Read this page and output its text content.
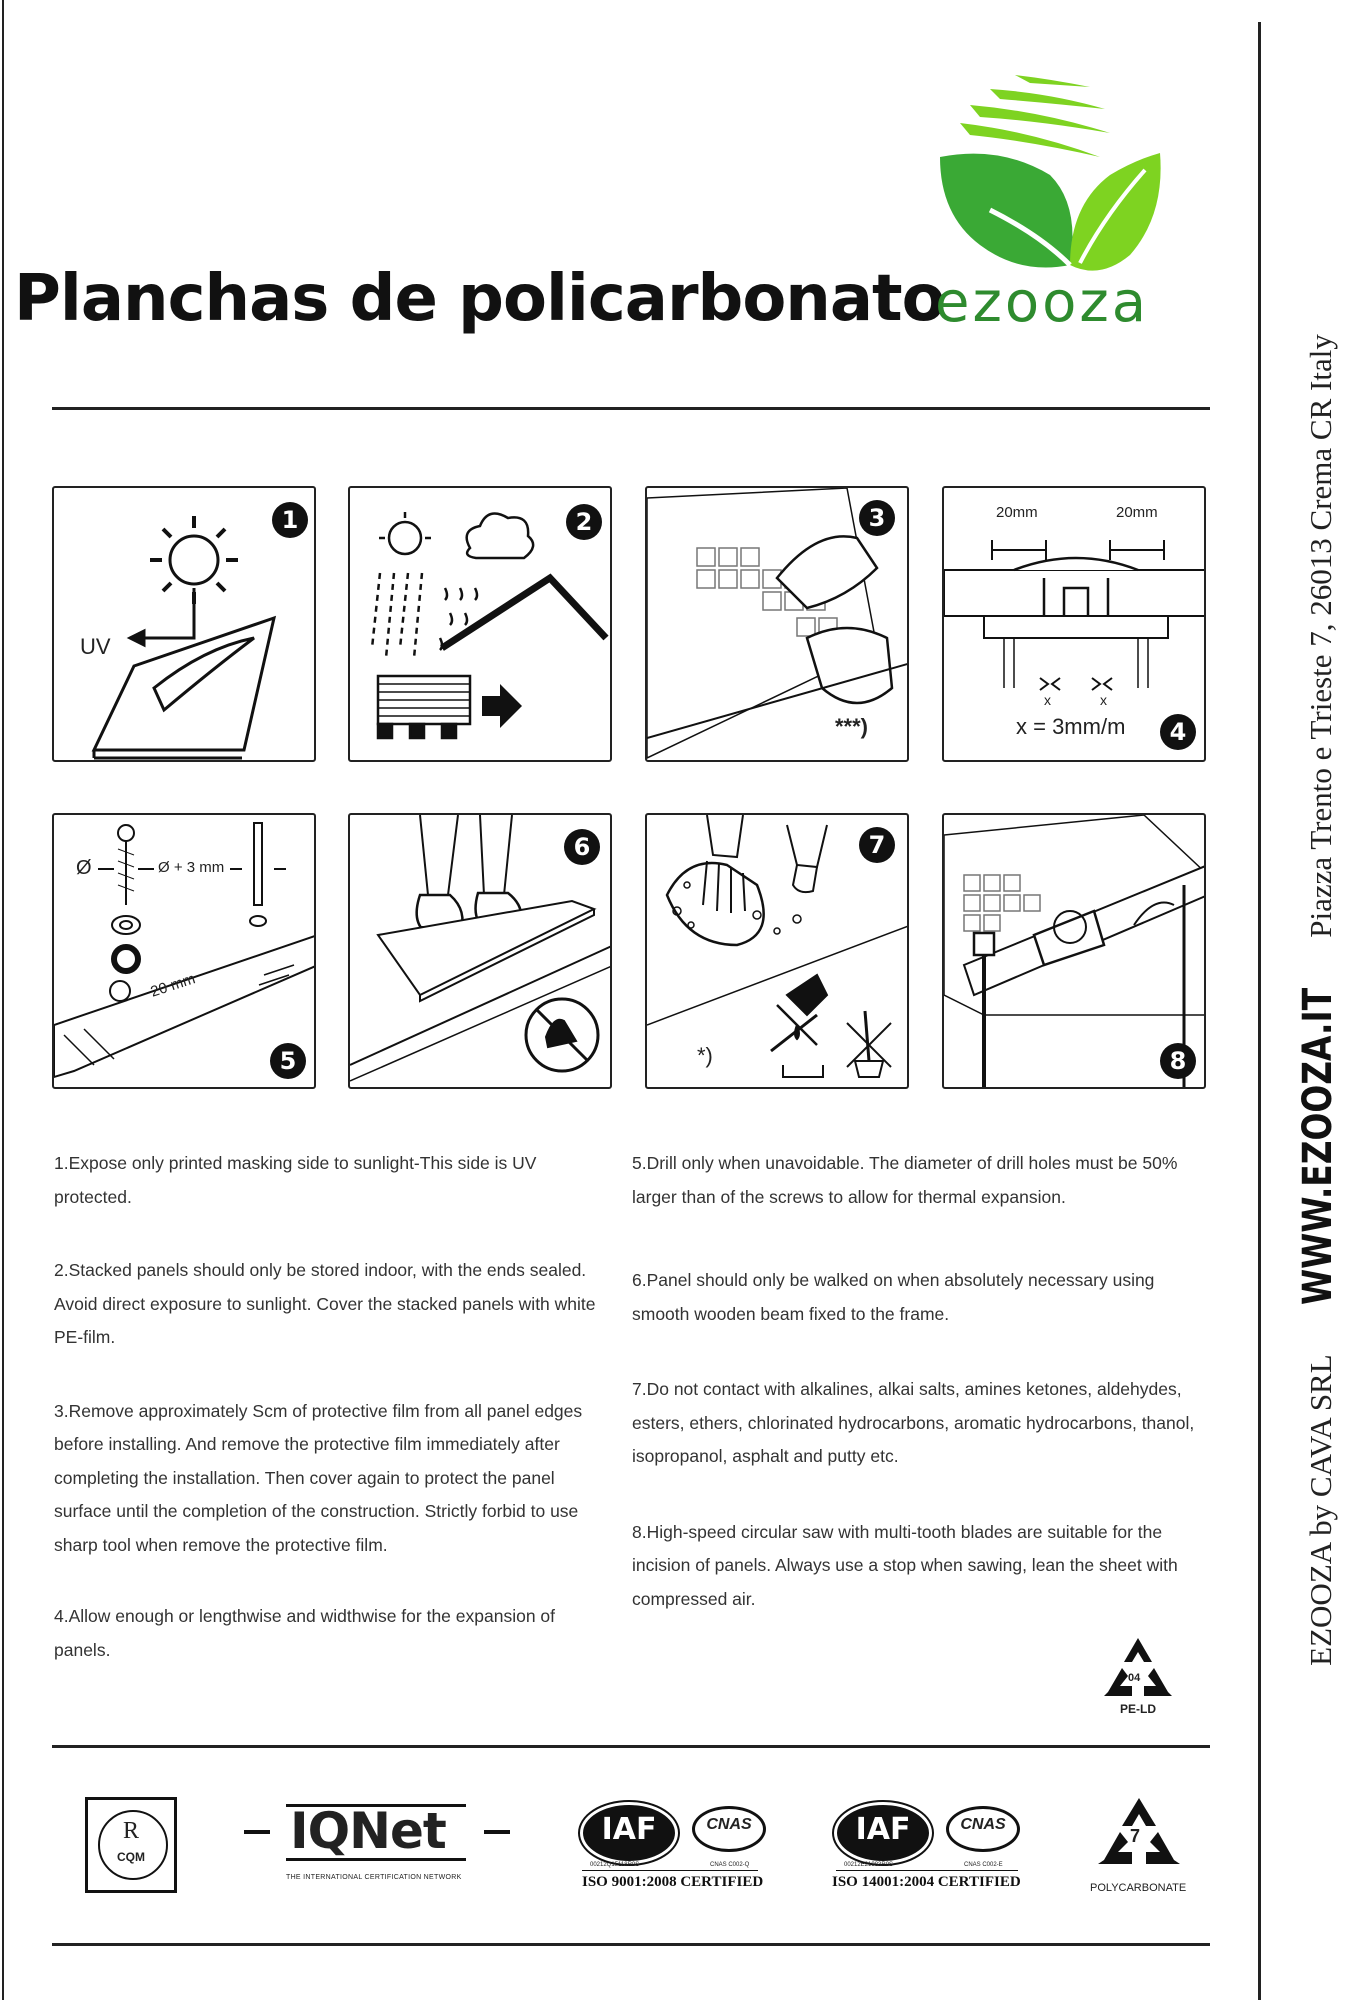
Planchas de policarbonato
ezooza
UV
1	2
***)
3	20mm	20mm
x	x
x = 3mm/m	4
Ø	Ø + 3 mm
20 mm
5
6
*)
7
8

1.Expose only printed masking side to sunlight-This side is UV protected.

2.Stacked panels should only be stored indoor, with the ends sealed. Avoid direct exposure to sunlight. Cover the stacked panels with white PE-film.

3.Remove approximately Scm of protective film from all panel edges before installing. And remove the protective film immediately after completing the installation. Then cover again to protect the panel surface until the completion of the construction. Strictly forbid to use sharp tool when remove the protective film.

4.Allow enough or lengthwise and widthwise for the expansion of panels.

5.Drill only when unavoidable. The diameter of drill holes must be 50% larger than of the screws to allow for thermal expansion.

6.Panel should only be walked on when absolutely necessary using smooth wooden beam fixed to the frame.

7.Do not contact with alkalines, alkai salts, amines ketones, aldehydes, esters, ethers, chlorinated hydrocarbons, aromatic hydrocarbons, thanol, isopropanol, asphalt and putty etc.

8.High-speed circular saw with multi-tooth blades are suitable for the incision of panels. Always use a stop when sawing, lean the sheet with compressed air.

04
PE-LD
R
CQM	IQNet
THE INTERNATIONAL CERTIFICATION NETWORK
IAF	CNAS
00212Q15118R0S	CNAS C002-Q
ISO 9001:2008 CERTIFIED
IAF	CNAS
00212E21983R0S	CNAS C002-E
ISO 14001:2004 CERTIFIED
7
POLYCARBONATE
EZOOZA by CAVA SRL  WWW.EZOOZA.IT  Piazza Trento e Trieste 7, 26013 Crema CR Italy
